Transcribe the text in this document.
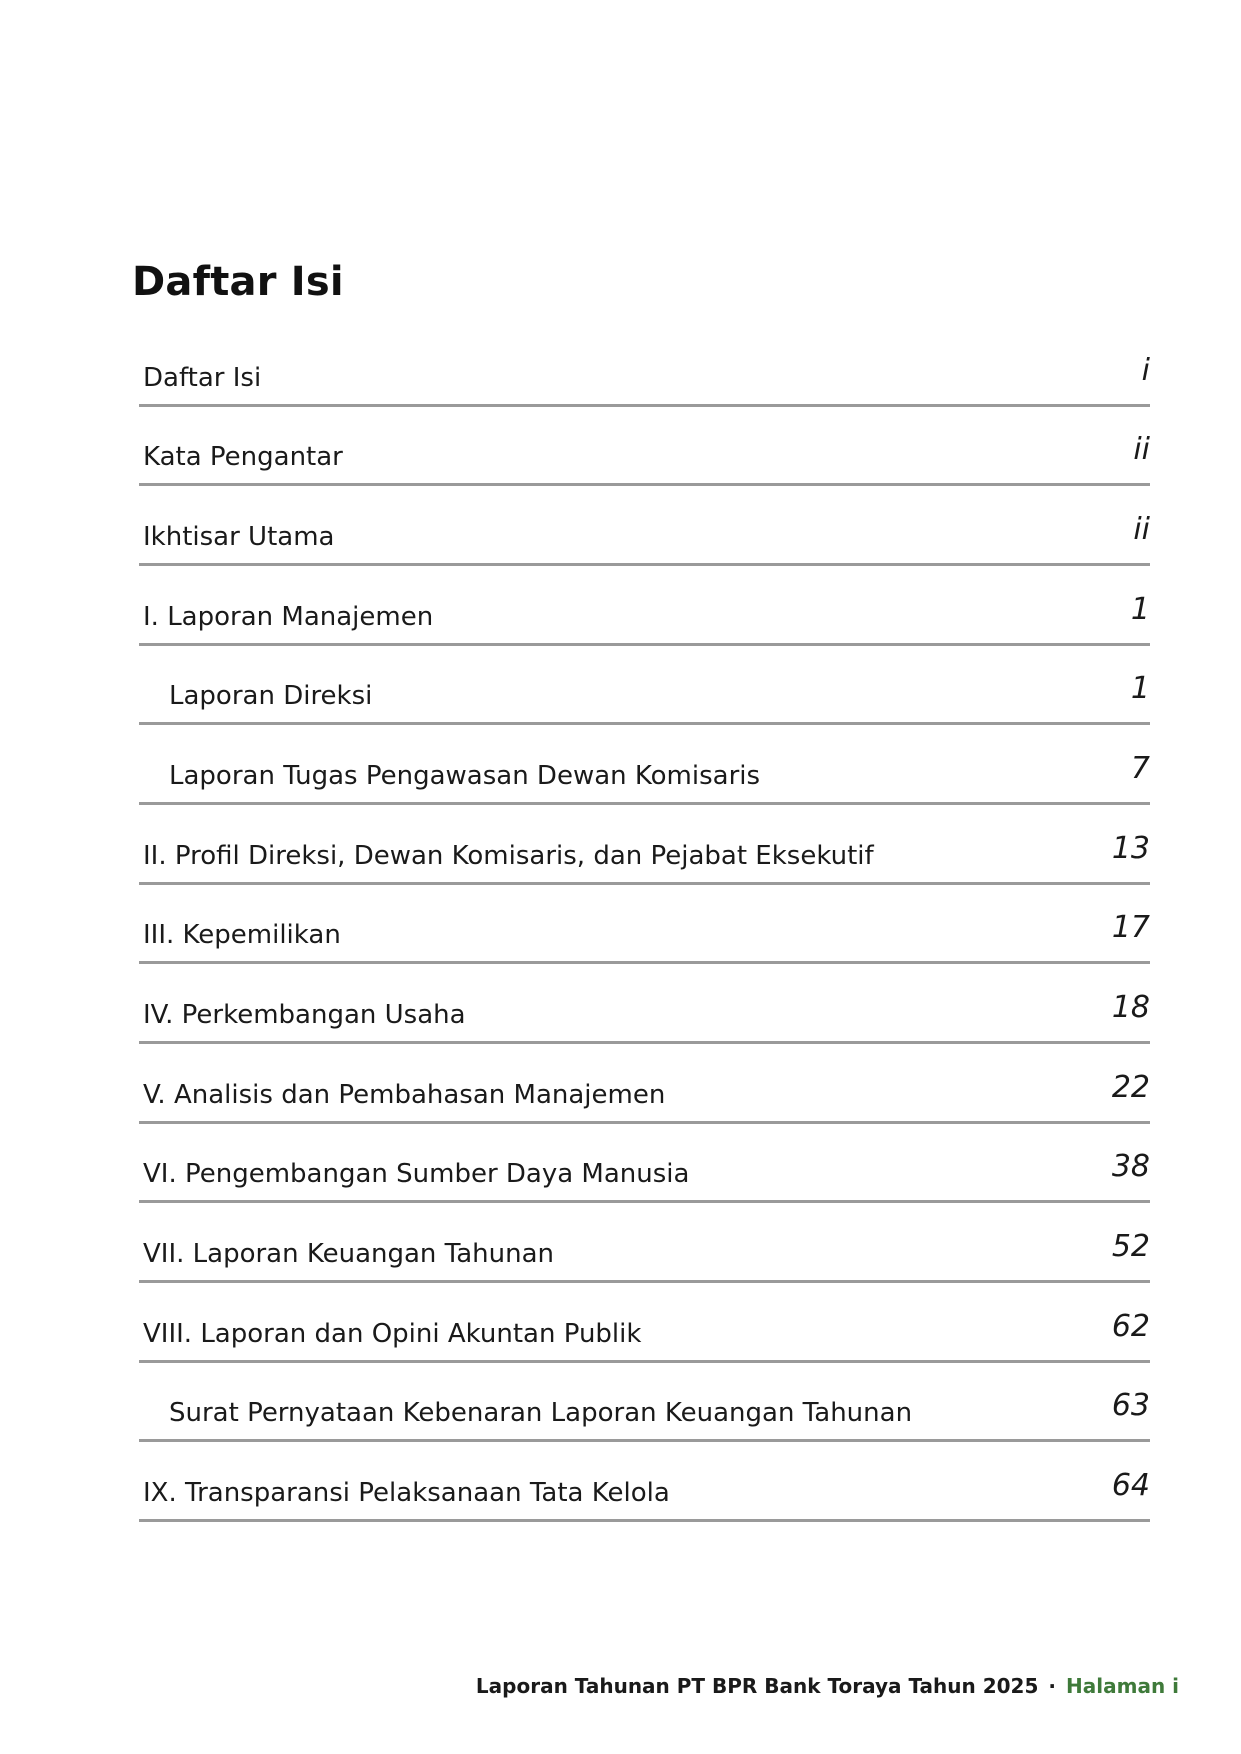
Daftar Isi
Daftar Isi	i
Kata Pengantar	ii
Ikhtisar Utama	ii
I. Laporan Manajemen	1
Laporan Direksi	1
Laporan Tugas Pengawasan Dewan Komisaris	7
II. Profil Direksi, Dewan Komisaris, dan Pejabat Eksekutif	13
III. Kepemilikan	17
IV. Perkembangan Usaha	18
V. Analisis dan Pembahasan Manajemen	22
VI. Pengembangan Sumber Daya Manusia	38
VII. Laporan Keuangan Tahunan	52
VIII. Laporan dan Opini Akuntan Publik	62
Surat Pernyataan Kebenaran Laporan Keuangan Tahunan	63
IX. Transparansi Pelaksanaan Tata Kelola	64
Laporan Tahunan PT BPR Bank Toraya Tahun 2025 · Halaman i
